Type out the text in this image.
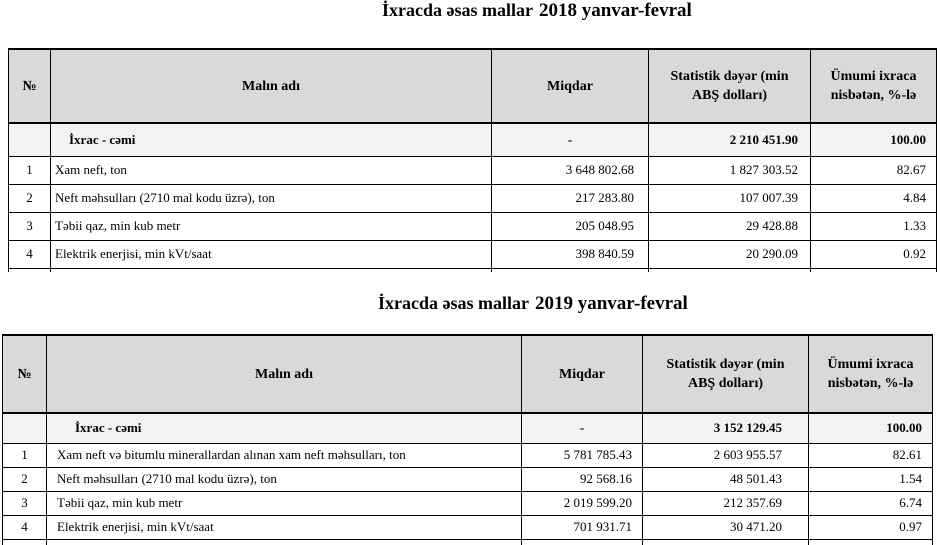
İxracda əsas mallar 2018 yanvar-fevral
№	Malın adı	Miqdar	Statistik dəyər (min ABŞ dolları)	Ümumi ixraca nisbətən, %-lə
	İxrac - cəmi	-	2 210 451.90	100.00
1	Xam neft, ton	3 648 802.68	1 827 303.52	82.67
2	Neft məhsulları (2710 mal kodu üzrə), ton	217 283.80	107 007.39	4.84
3	Təbii qaz, min kub metr	205 048.95	29 428.88	1.33
4	Elektrik enerjisi, min kVt/saat	398 840.59	20 290.09	0.92

İxracda əsas mallar 2019 yanvar-fevral
№	Malın adı	Miqdar	Statistik dəyər (min ABŞ dolları)	Ümumi ixraca nisbətən, %-lə
	İxrac - cəmi	-	3 152 129.45	100.00
1	Xam neft və bitumlu minerallardan alınan xam neft məhsulları, ton	5 781 785.43	2 603 955.57	82.61
2	Neft məhsulları (2710 mal kodu üzrə), ton	92 568.16	48 501.43	1.54
3	Təbii qaz, min kub metr	2 019 599.20	212 357.69	6.74
4	Elektrik enerjisi, min kVt/saat	701 931.71	30 471.20	0.97
